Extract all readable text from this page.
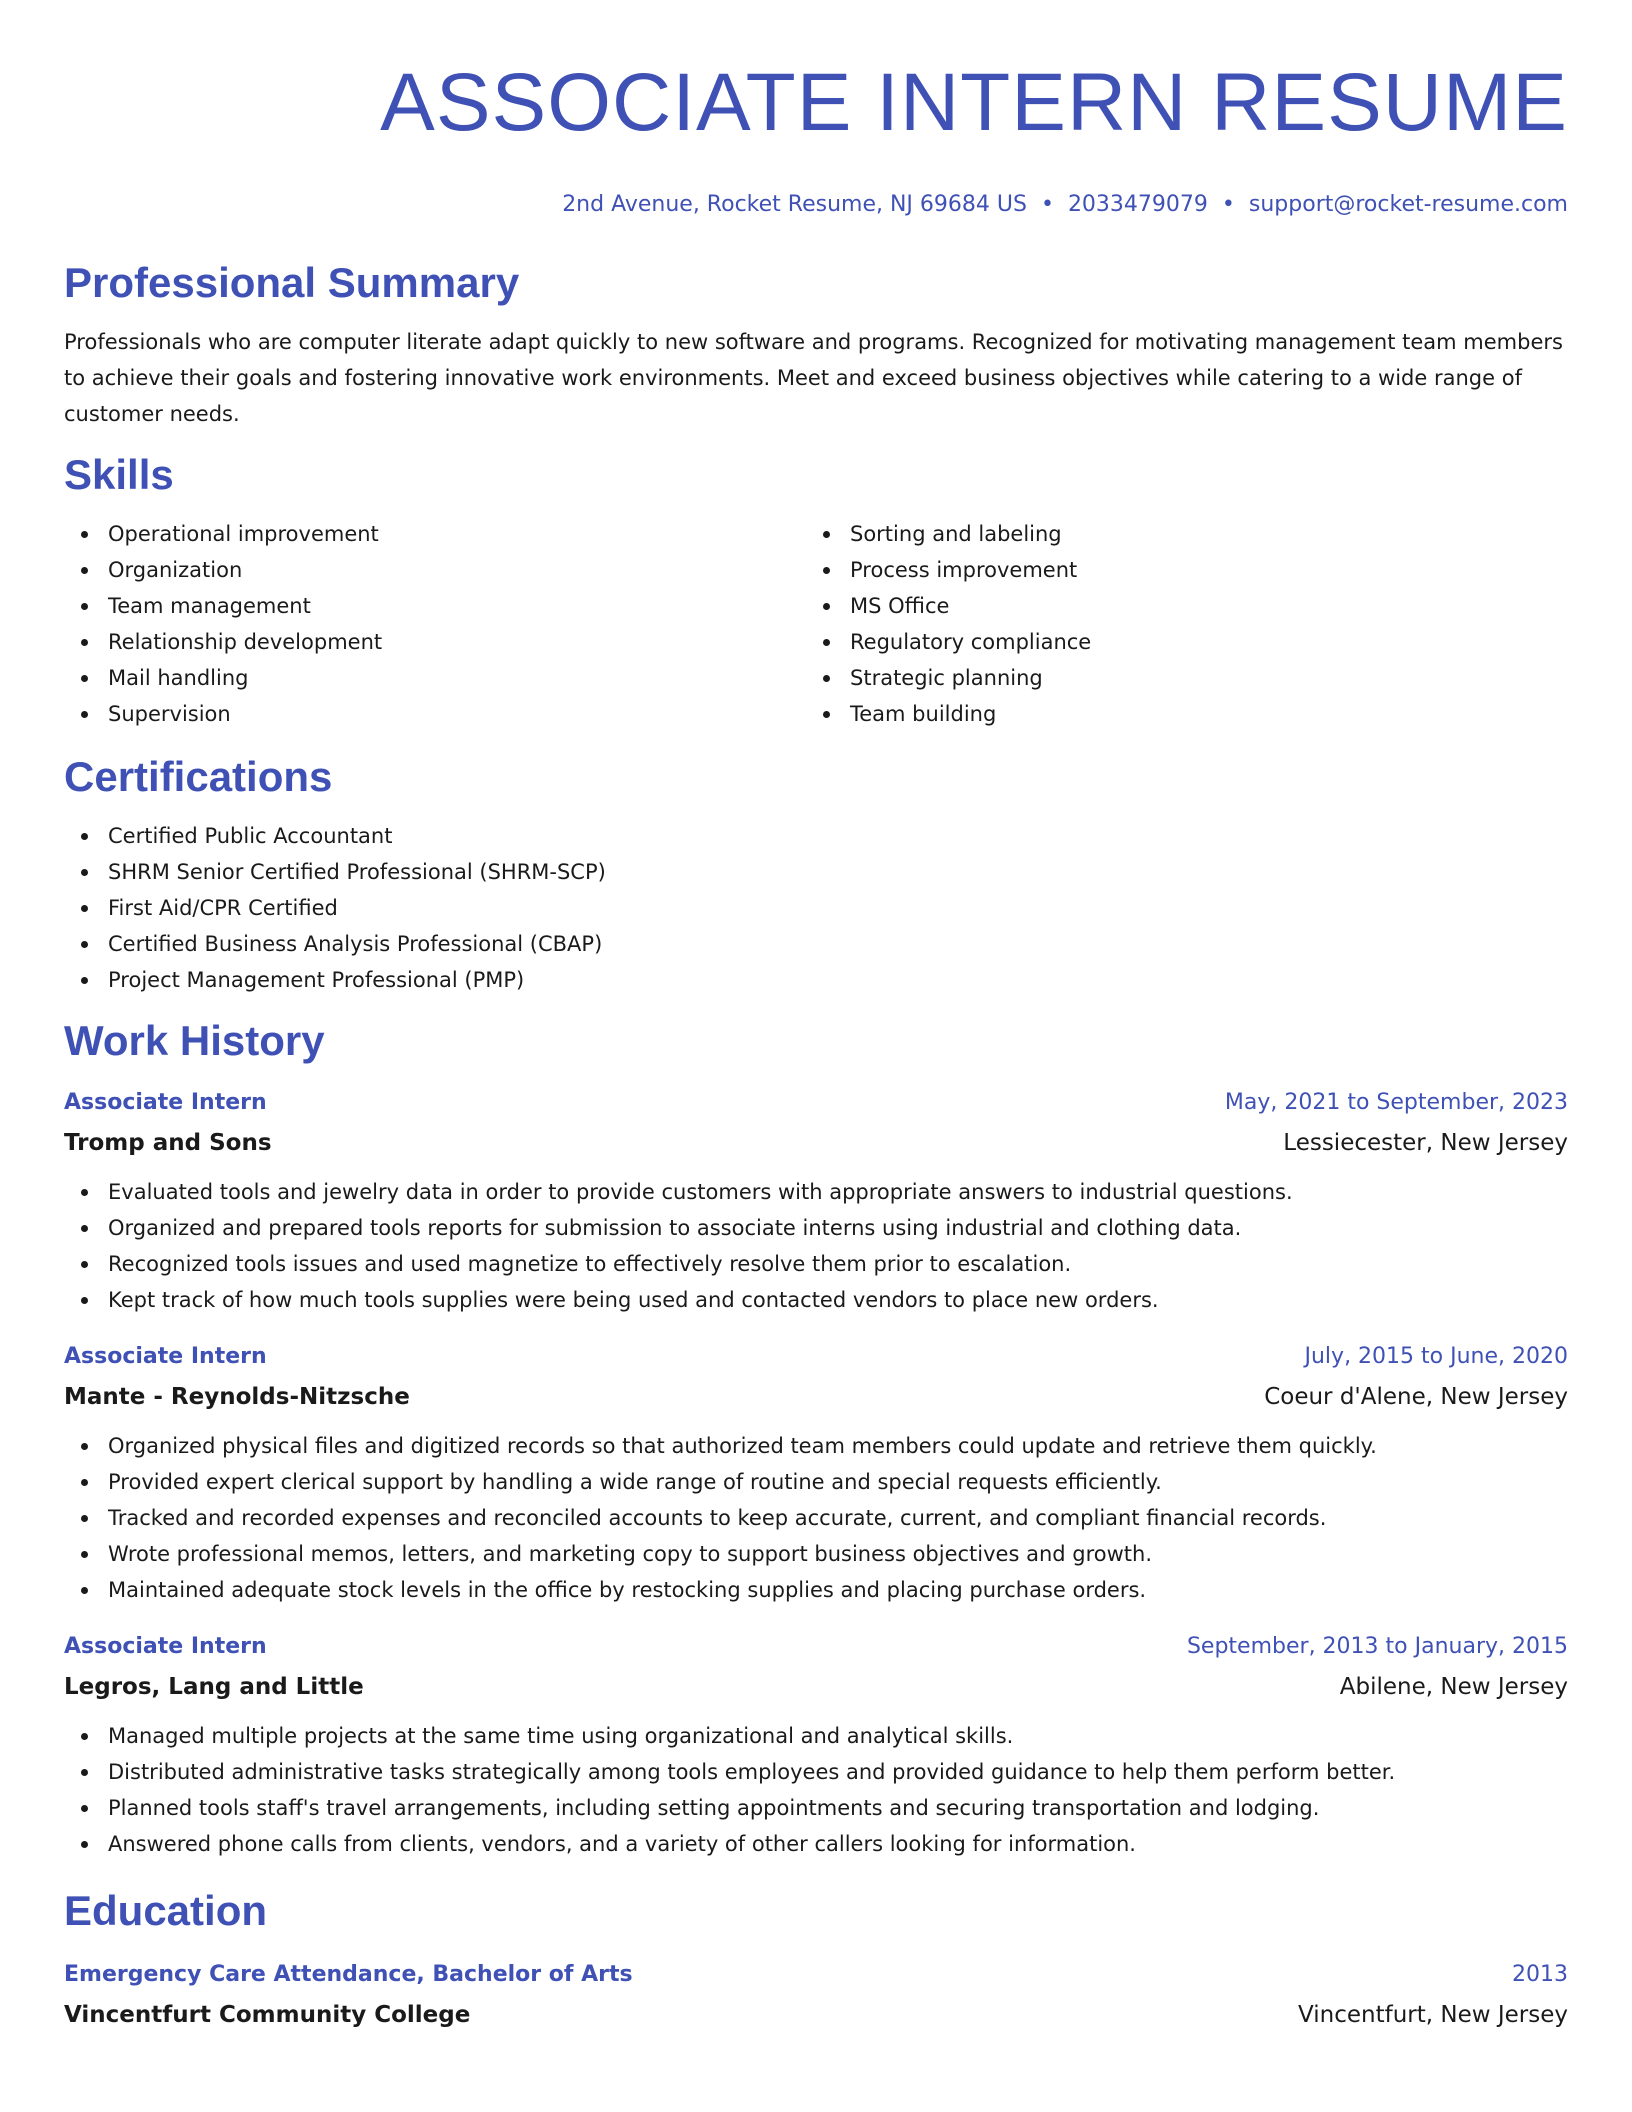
ASSOCIATE INTERN RESUME
2nd Avenue, Rocket Resume, NJ 69684 US • 2033479079 • support@rocket-resume.com
Professional Summary

Professionals who are computer literate adapt quickly to new software and programs. Recognized for motivating management team members to achieve their goals and fostering innovative work environments. Meet and exceed business objectives while catering to a wide range of customer needs.

Skills
Operational improvement
Organization
Team management
Relationship development
Mail handling
Supervision
Sorting and labeling
Process improvement
MS Office
Regulatory compliance
Strategic planning
Team building
Certifications
Certified Public Accountant
SHRM Senior Certified Professional (SHRM-SCP)
First Aid/CPR Certified
Certified Business Analysis Professional (CBAP)
Project Management Professional (PMP)
Work History
Associate Intern	May, 2021 to September, 2023
Tromp and Sons	Lessiecester, New Jersey
Evaluated tools and jewelry data in order to provide customers with appropriate answers to industrial questions.
Organized and prepared tools reports for submission to associate interns using industrial and clothing data.
Recognized tools issues and used magnetize to effectively resolve them prior to escalation.
Kept track of how much tools supplies were being used and contacted vendors to place new orders.
Associate Intern	July, 2015 to June, 2020
Mante - Reynolds-Nitzsche	Coeur d'Alene, New Jersey
Organized physical files and digitized records so that authorized team members could update and retrieve them quickly.
Provided expert clerical support by handling a wide range of routine and special requests efficiently.
Tracked and recorded expenses and reconciled accounts to keep accurate, current, and compliant financial records.
Wrote professional memos, letters, and marketing copy to support business objectives and growth.
Maintained adequate stock levels in the office by restocking supplies and placing purchase orders.
Associate Intern	September, 2013 to January, 2015
Legros, Lang and Little	Abilene, New Jersey
Managed multiple projects at the same time using organizational and analytical skills.
Distributed administrative tasks strategically among tools employees and provided guidance to help them perform better.
Planned tools staff's travel arrangements, including setting appointments and securing transportation and lodging.
Answered phone calls from clients, vendors, and a variety of other callers looking for information.
Education
Emergency Care Attendance, Bachelor of Arts	2013
Vincentfurt Community College	Vincentfurt, New Jersey
